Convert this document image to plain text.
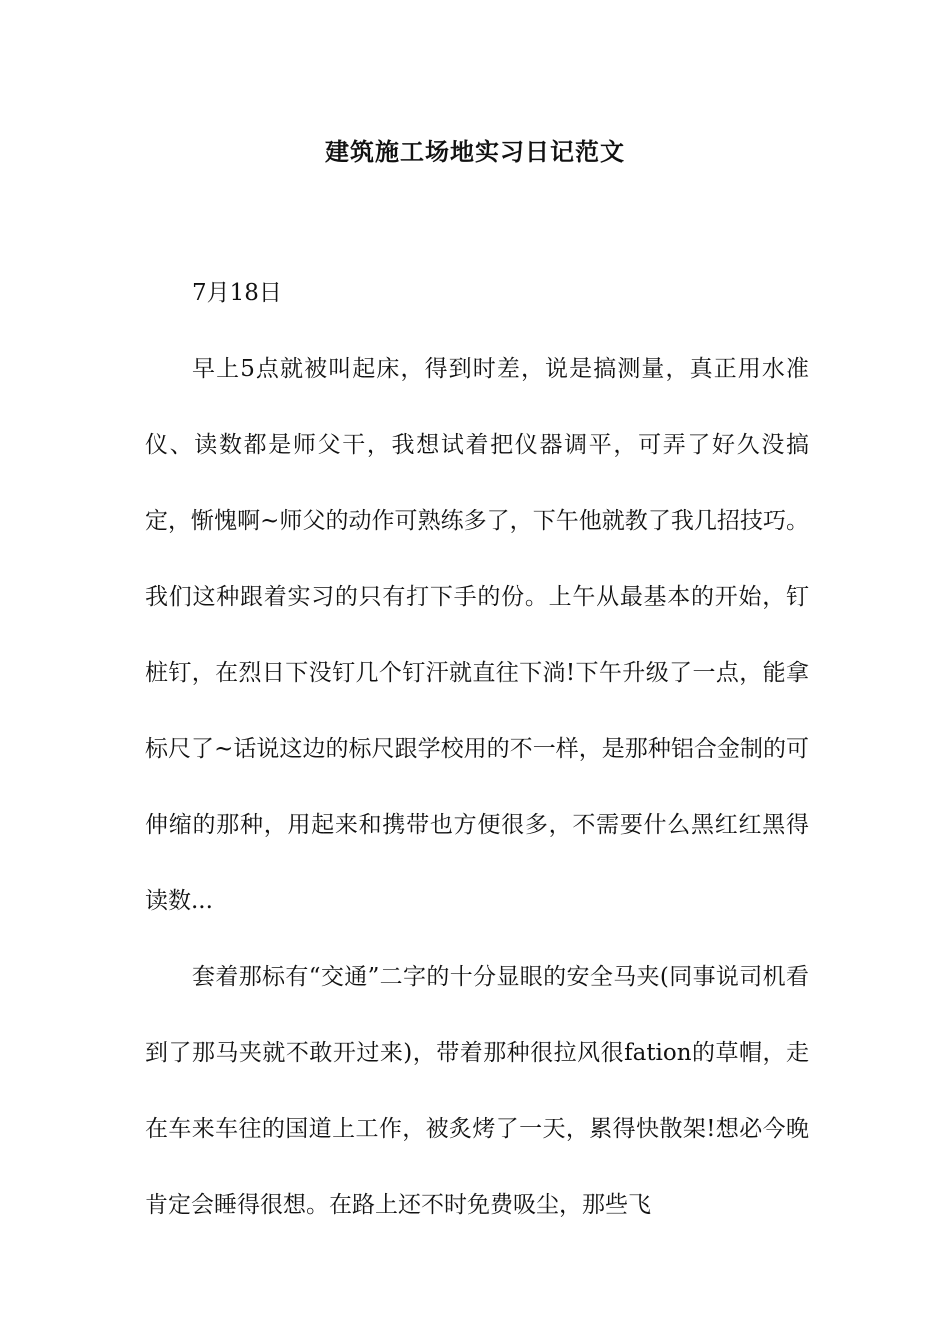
建筑施工场地实习日记范文

7月18日

早上5点就被叫起床，得到时差，说是搞测量，真正用水准仪、读数都是师父干，我想试着把仪器调平，可弄了好久没搞定，惭愧啊~师父的动作可熟练多了，下午他就教了我几招技巧。我们这种跟着实习的只有打下手的份。上午从最基本的开始，钉桩钉，在烈日下没钉几个钉汗就直往下淌!下午升级了一点，能拿标尺了~话说这边的标尺跟学校用的不一样，是那种铝合金制的可伸缩的那种，用起来和携带也方便很多，不需要什么黑红红黑得读数...

套着那标有“交通”二字的十分显眼的安全马夹(同事说司机看到了那马夹就不敢开过来)，带着那种很拉风很fation的草帽，走在车来车往的国道上工作，被炙烤了一天，累得快散架!想必今晚肯定会睡得很想。在路上还不时免费吸尘，那些飞
